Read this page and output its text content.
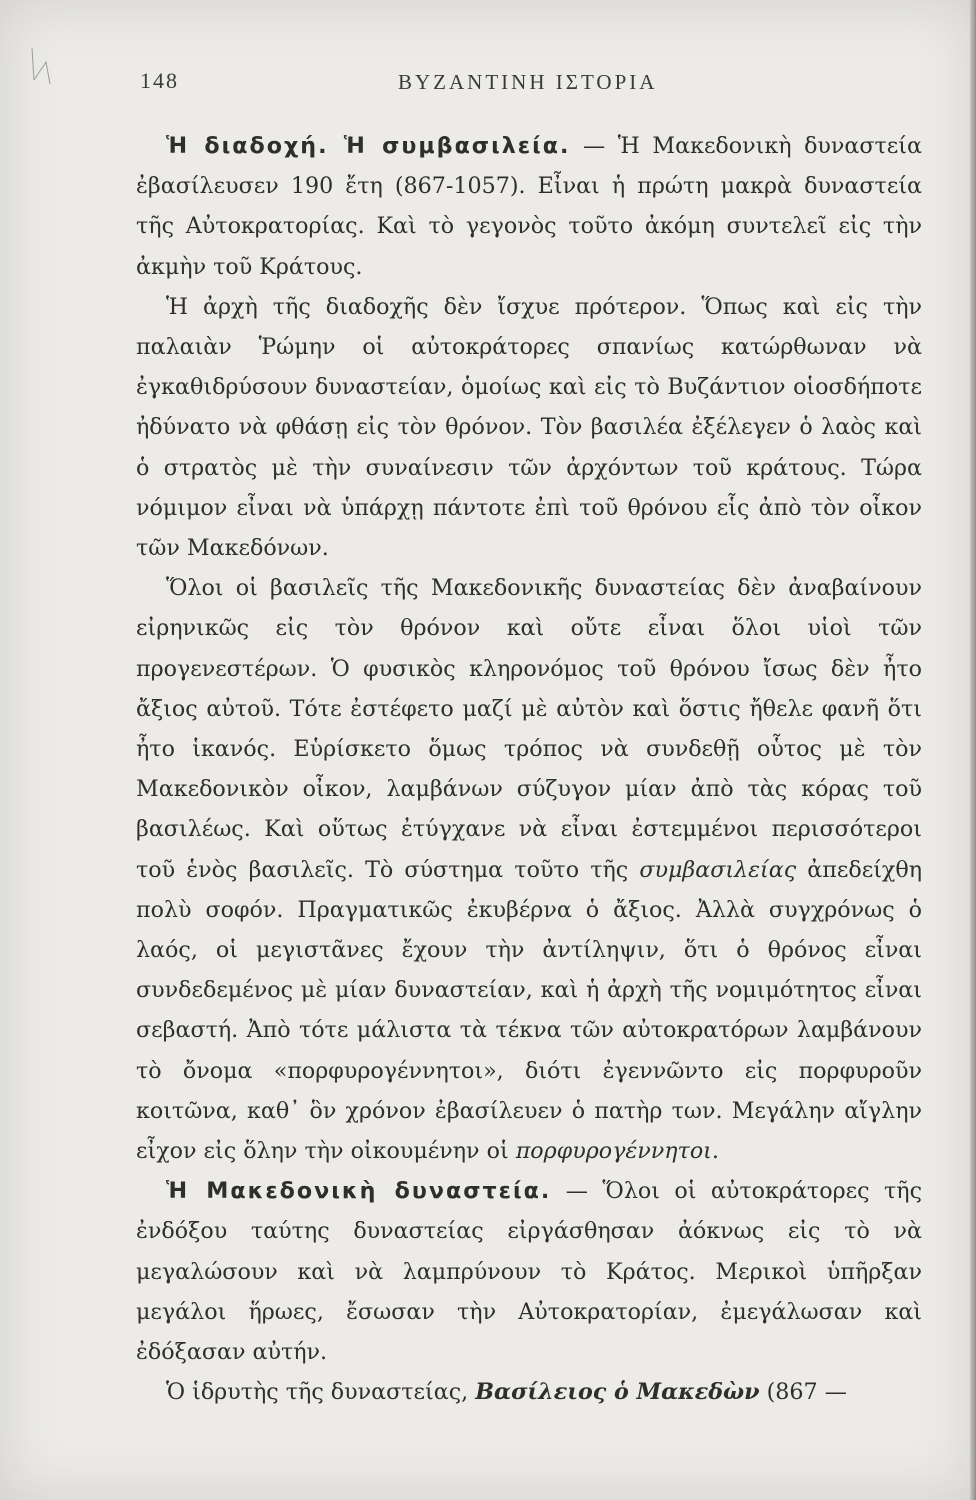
148	ΒΥΖΑΝΤΙΝΗ ΙΣΤΟΡΙΑ

Ἡ διαδοχή. Ἡ συμβασιλεία. — Ἡ Μακεδονικὴ δυναστεία ἐβασίλευσεν 190 ἔτη (867-1057). Εἶναι ἡ πρώτη μακρὰ δυναστεία τῆς Αὐτοκρατορίας. Καὶ τὸ γεγονὸς τοῦτο ἀκόμη συντελεῖ εἰς τὴν ἀκμὴν τοῦ Κράτους.

Ἡ ἀρχὴ τῆς διαδοχῆς δὲν ἴσχυε πρότερον. Ὅπως καὶ εἰς τὴν παλαιὰν Ῥώμην οἱ αὐτοκράτορες σπανίως κατώρθωναν νὰ ἐγκαθιδρύσουν δυναστείαν, ὁμοίως καὶ εἰς τὸ Βυζάντιον οἱοσδήποτε ἠδύνατο νὰ φθάσῃ εἰς τὸν θρόνον. Τὸν βασιλέα ἐξέλεγεν ὁ λαὸς καὶ ὁ στρατὸς μὲ τὴν συναίνεσιν τῶν ἀρχόντων τοῦ κράτους. Τώρα νόμιμον εἶναι νὰ ὑπάρχῃ πάντοτε ἐπὶ τοῦ θρόνου εἷς ἀπὸ τὸν οἶκον τῶν Μακεδόνων.

Ὅλοι οἱ βασιλεῖς τῆς Μακεδονικῆς δυναστείας δὲν ἀναβαίνουν εἰρηνικῶς εἰς τὸν θρόνον καὶ οὔτε εἶναι ὅλοι υἱοὶ τῶν προγενεστέρων. Ὁ φυσικὸς κληρονόμος τοῦ θρόνου ἴσως δὲν ἦτο ἄξιος αὐτοῦ. Τότε ἐστέφετο μαζί μὲ αὐτὸν καὶ ὅστις ἤθελε φανῆ ὅτι ἦτο ἱκανός. Εὑρίσκετο ὅμως τρόπος νὰ συνδεθῇ οὗτος μὲ τὸν Μακεδονικὸν οἶκον, λαμβάνων σύζυγον μίαν ἀπὸ τὰς κόρας τοῦ βασιλέως. Καὶ οὕτως ἐτύγχανε νὰ εἶναι ἐστεμμένοι περισσότεροι τοῦ ἑνὸς βασιλεῖς. Τὸ σύστημα τοῦτο τῆς συμβασιλείας ἀπεδείχθη πολὺ σοφόν. Πραγματικῶς ἐκυβέρνα ὁ ἄξιος. Ἀλλὰ συγχρόνως ὁ λαός, οἱ μεγιστᾶνες ἔχουν τὴν ἀντίληψιν, ὅτι ὁ θρόνος εἶναι συνδεδεμένος μὲ μίαν δυναστείαν, καὶ ἡ ἀρχὴ τῆς νομιμότητος εἶναι σεβαστή. Ἀπὸ τότε μάλιστα τὰ τέκνα τῶν αὐτοκρατόρων λαμβάνουν τὸ ὄνομα «πορφυρογέννητοι», διότι ἐγεννῶντο εἰς πορφυροῦν κοιτῶνα, καθ᾽ ὃν χρόνον ἐβασίλευεν ὁ πατὴρ των. Μεγάλην αἴγλην εἶχον εἰς ὅλην τὴν οἰκουμένην οἱ πορφυρογέννητοι.

Ἡ Μακεδονικὴ δυναστεία. — Ὅλοι οἱ αὐτοκράτορες τῆς ἐνδόξου ταύτης δυναστείας εἰργάσθησαν ἀόκνως εἰς τὸ νὰ μεγαλώσουν καὶ νὰ λαμπρύνουν τὸ Κράτος. Μερικοὶ ὑπῆρξαν μεγάλοι ἥρωες, ἔσωσαν τὴν Αὐτοκρατορίαν, ἐμεγάλωσαν καὶ ἐδόξασαν αὐτήν.

Ὁ ἱδρυτὴς τῆς δυναστείας, Βασίλειος ὁ Μακεδὼν (867 —
